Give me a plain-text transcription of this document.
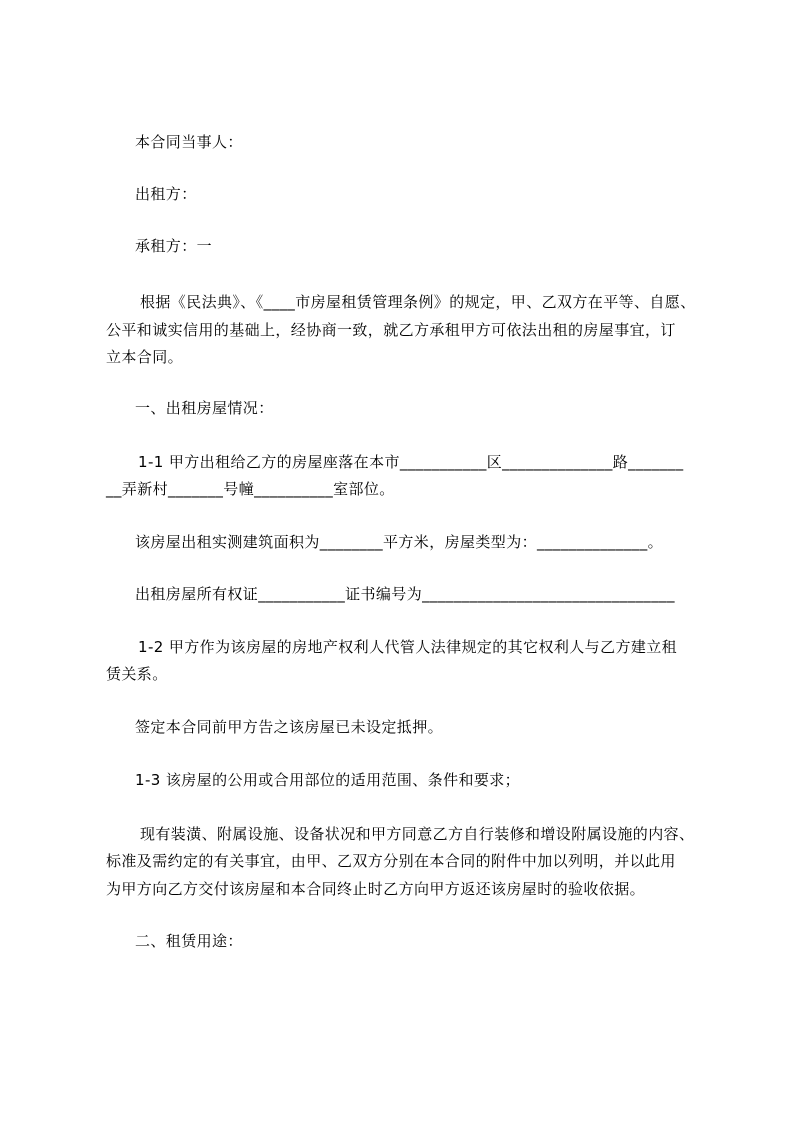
本合同当事人：
出租方：
承租方：一
根据《民法典》、《____市房屋租赁管理条例》的规定，甲、乙双方在平等、自愿、
公平和诚实信用的基础上，经协商一致，就乙方承租甲方可依法出租的房屋事宜，订
立本合同。
一、出租房屋情况：
1-1 甲方出租给乙方的房屋座落在本市___________区______________路_______
__弄新村_______号幢__________室部位。
该房屋出租实测建筑面积为________平方米，房屋类型为：______________。
出租房屋所有权证___________证书编号为________________________________
1-2 甲方作为该房屋的房地产权利人代管人法律规定的其它权利人与乙方建立租
赁关系。
签定本合同前甲方告之该房屋已未设定抵押。
1-3 该房屋的公用或合用部位的适用范围、条件和要求；
现有装潢、附属设施、设备状况和甲方同意乙方自行装修和增设附属设施的内容、
标准及需约定的有关事宜，由甲、乙双方分别在本合同的附件中加以列明，并以此用
为甲方向乙方交付该房屋和本合同终止时乙方向甲方返还该房屋时的验收依据。
二、租赁用途：
